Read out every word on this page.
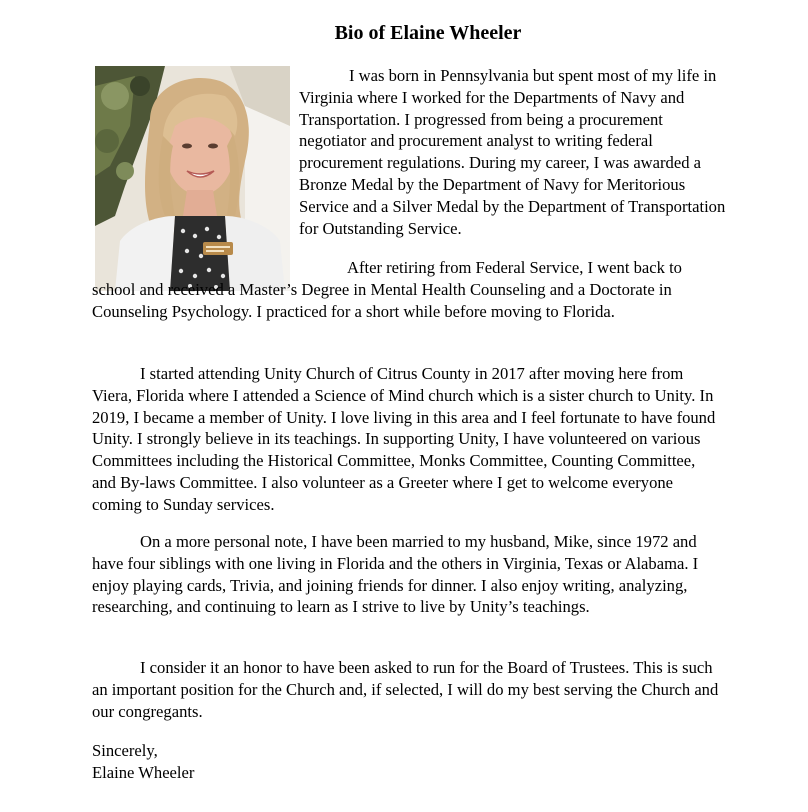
Bio of Elaine Wheeler

I was born in Pennsylvania but spent most of my life in Virginia where I worked for the Departments of Navy and Transportation. I progressed from being a procurement negotiator and procurement analyst to writing federal procurement regulations. During my career, I was awarded a Bronze Medal by the Department of Navy for Meritorious Service and a Silver Medal by the Department of Transportation for Outstanding Service.

After retiring from Federal Service, I went back to school and received a Master’s Degree in Mental Health Counseling and a Doctorate in Counseling Psychology. I practiced for a short while before moving to Florida.

I started attending Unity Church of Citrus County in 2017 after moving here from Viera, Florida where I attended a Science of Mind church which is a sister church to Unity. In 2019, I became a member of Unity. I love living in this area and I feel fortunate to have found Unity. I strongly believe in its teachings. In supporting Unity, I have volunteered on various Committees including the Historical Committee, Monks Committee, Counting Committee, and By-laws Committee. I also volunteer as a Greeter where I get to welcome everyone coming to Sunday services.

On a more personal note, I have been married to my husband, Mike, since 1972 and have four siblings with one living in Florida and the others in Virginia, Texas or Alabama. I enjoy playing cards, Trivia, and joining friends for dinner. I also enjoy writing, analyzing, researching, and continuing to learn as I strive to live by Unity’s teachings.

I consider it an honor to have been asked to run for the Board of Trustees. This is such an important position for the Church and, if selected, I will do my best serving the Church and our congregants.

Sincerely,
Elaine Wheeler
